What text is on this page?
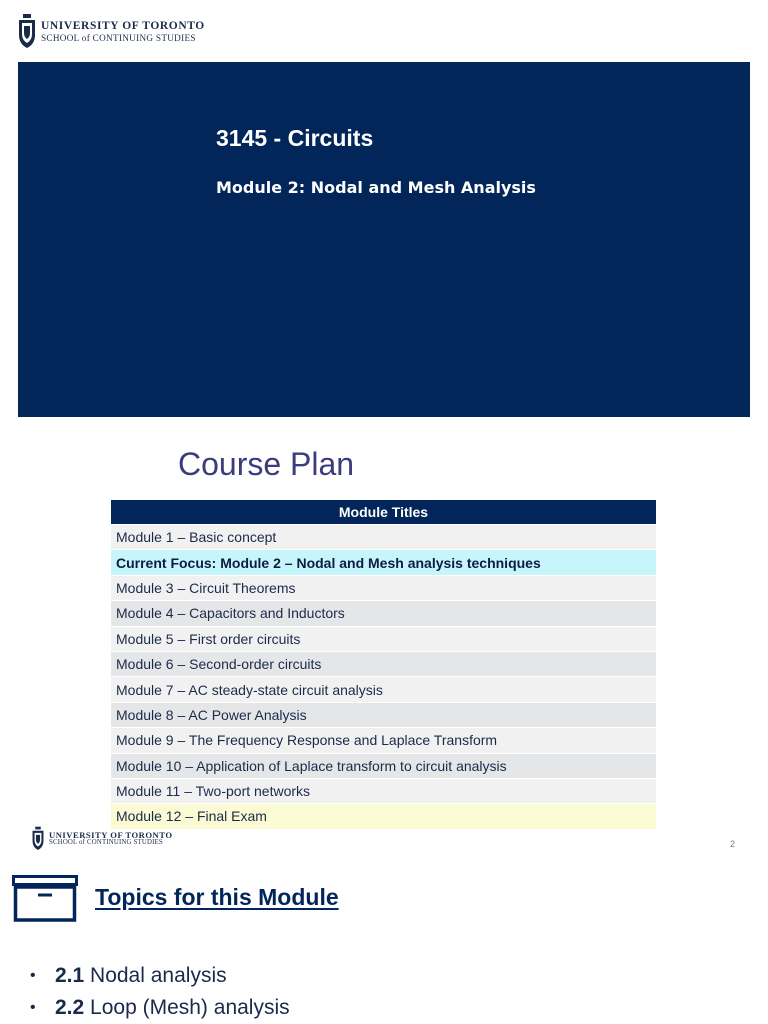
UNIVERSITY OF TORONTO
SCHOOL of CONTINUING STUDIES
3145 - Circuits
Module 2: Nodal and Mesh Analysis
Course Plan
Module Titles
Module 1 – Basic concept
Current Focus: Module 2 – Nodal and Mesh analysis techniques
Module 3 – Circuit Theorems
Module 4 – Capacitors and Inductors
Module 5 – First order circuits
Module 6 – Second-order circuits
Module 7 – AC steady-state circuit analysis
Module 8 – AC Power Analysis
Module 9 – The Frequency Response and Laplace Transform
Module 10 – Application of Laplace transform to circuit analysis
Module 11 – Two-port networks
Module 12 – Final Exam
UNIVERSITY OF TORONTO
SCHOOL of CONTINUING STUDIES	2
Topics for this Module
• 2.1 Nodal analysis
• 2.2 Loop (Mesh) analysis
